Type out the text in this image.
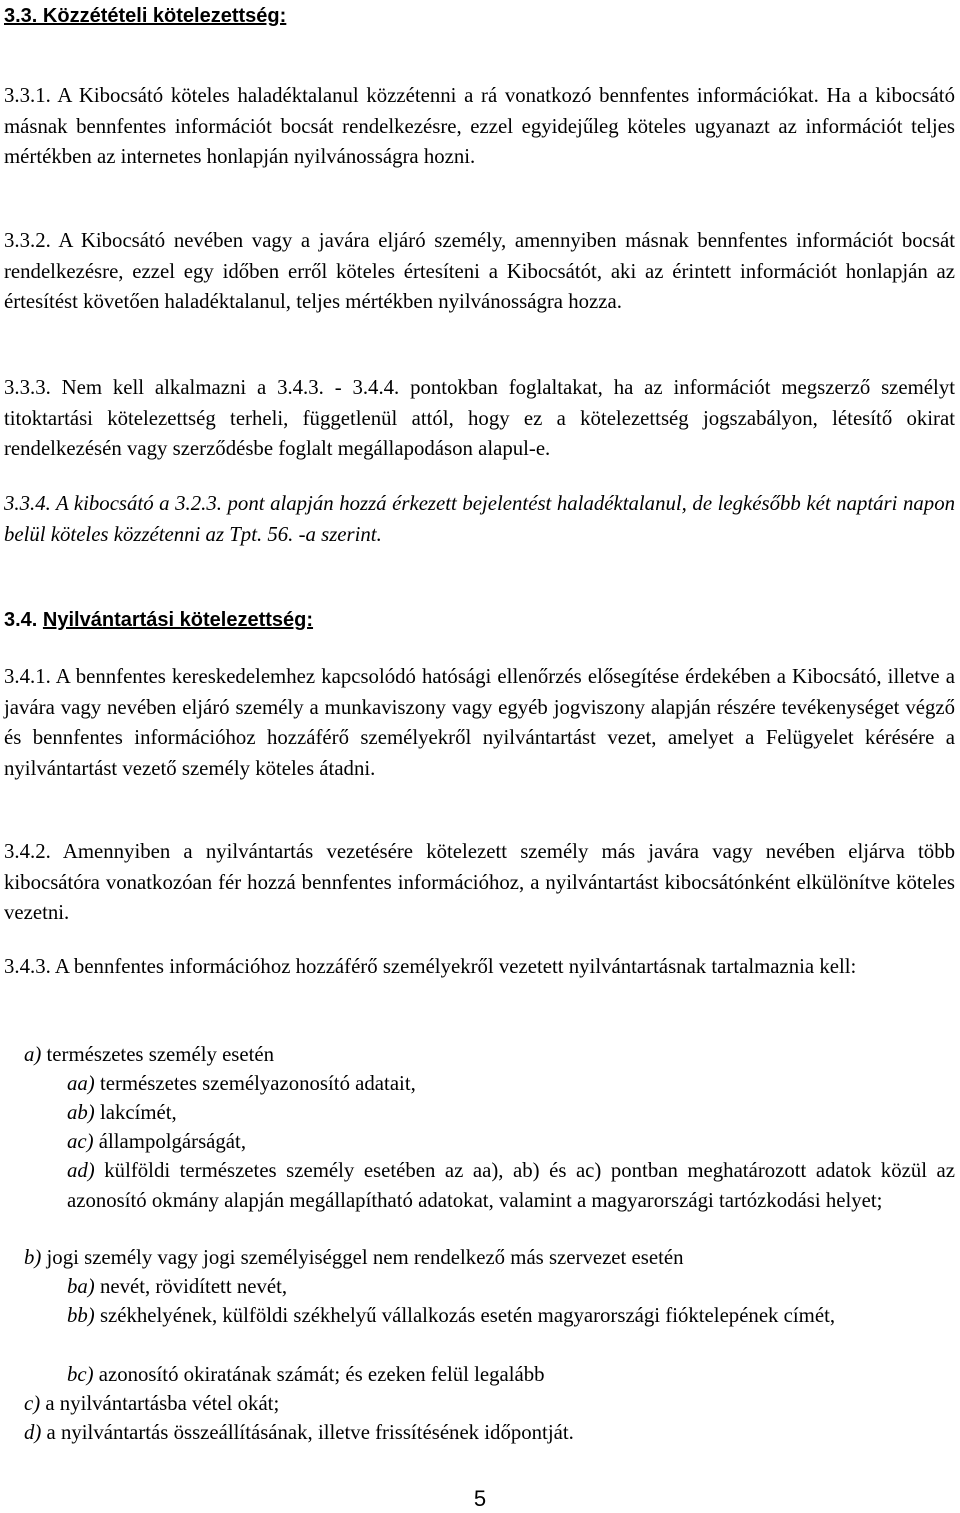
3.3. Közzétételi kötelezettség:

3.3.1. A Kibocsátó köteles haladéktalanul közzétenni a rá vonatkozó bennfentes információkat. Ha a kibocsátó másnak bennfentes információt bocsát rendelkezésre, ezzel egyidejűleg köteles ugyanazt az információt teljes mértékben az internetes honlapján nyilvánosságra hozni.

3.3.2. A Kibocsátó nevében vagy a javára eljáró személy, amennyiben másnak bennfentes információt bocsát rendelkezésre, ezzel egy időben erről köteles értesíteni a Kibocsátót, aki az érintett információt honlapján az értesítést követően haladéktalanul, teljes mértékben nyilvánosságra hozza.

3.3.3. Nem kell alkalmazni a 3.4.3. - 3.4.4. pontokban foglaltakat, ha az információt megszerző személyt titoktartási kötelezettség terheli, függetlenül attól, hogy ez a kötelezettség jogszabályon, létesítő okirat rendelkezésén vagy szerződésbe foglalt megállapodáson alapul-e.

3.3.4. A kibocsátó a 3.2.3. pont alapján hozzá érkezett bejelentést haladéktalanul, de legkésőbb két naptári napon belül köteles közzétenni az Tpt. 56. -a szerint.

3.4. Nyilvántartási kötelezettség:

3.4.1. A bennfentes kereskedelemhez kapcsolódó hatósági ellenőrzés elősegítése érdekében a Kibocsátó, illetve a javára vagy nevében eljáró személy a munkaviszony vagy egyéb jogviszony alapján részére tevékenységet végző és bennfentes információhoz hozzáférő személyekről nyilvántartást vezet, amelyet a Felügyelet kérésére a nyilvántartást vezető személy köteles átadni.

3.4.2. Amennyiben a nyilvántartás vezetésére kötelezett személy más javára vagy nevében eljárva több kibocsátóra vonatkozóan fér hozzá bennfentes információhoz, a nyilvántartást kibocsátónként elkülönítve köteles vezetni.

3.4.3. A bennfentes információhoz hozzáférő személyekről vezetett nyilvántartásnak tartalmaznia kell:

a) természetes személy esetén
aa) természetes személyazonosító adatait,
ab) lakcímét,
ac) állampolgárságát,
ad) külföldi természetes személy esetében az aa), ab) és ac) pontban meghatározott adatok közül az azonosító okmány alapján megállapítható adatokat, valamint a magyarországi tartózkodási helyet;
b) jogi személy vagy jogi személyiséggel nem rendelkező más szervezet esetén
ba) nevét, rövidített nevét,
bb) székhelyének, külföldi székhelyű vállalkozás esetén magyarországi fióktelepének címét,
bc) azonosító okiratának számát; és ezeken felül legalább
c) a nyilvántartásba vétel okát;
d) a nyilvántartás összeállításának, illetve frissítésének időpontját.
5
